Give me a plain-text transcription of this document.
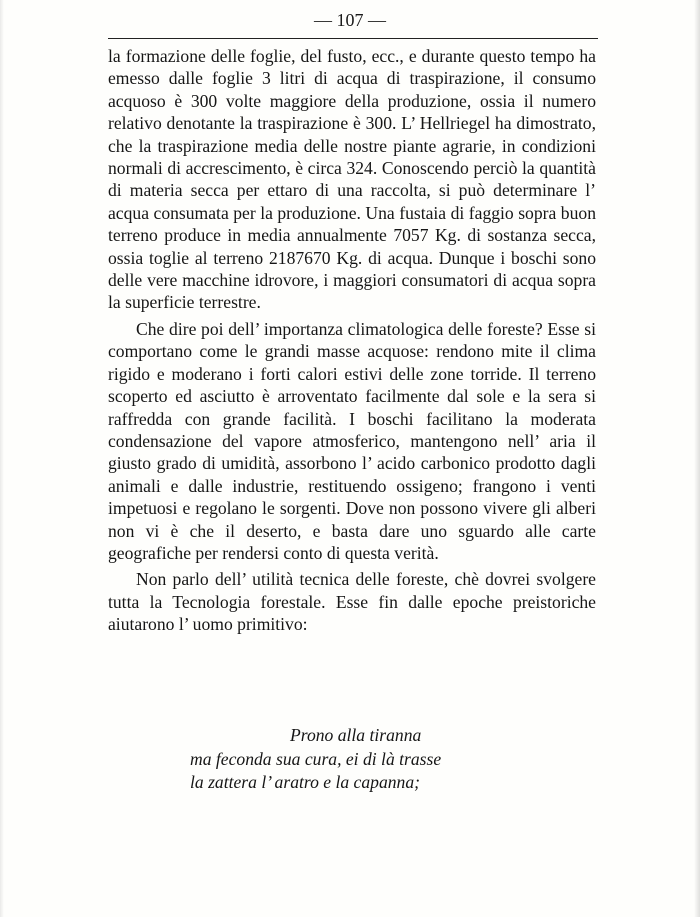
— 107 —

la formazione delle foglie, del fusto, ecc., e durante questo tempo ha emesso dalle foglie 3 litri di acqua di traspirazione, il consumo acquoso è 300 volte maggiore della produzione, ossia il numero relativo denotante la traspirazione è 300. L’ Hellriegel ha dimostrato, che la traspirazione media delle nostre piante agrarie, in condizioni normali di accrescimento, è circa 324. Conoscendo perciò la quantità di materia secca per ettaro di una raccolta, si può determinare l’ acqua consumata per la produzione. Una fustaia di faggio sopra buon terreno produce in media annualmente 7057 Kg. di sostanza secca, ossia toglie al terreno 2187670 Kg. di acqua. Dunque i boschi sono delle vere macchine idrovore, i maggiori consumatori di acqua sopra la superficie terrestre.

Che dire poi dell’ importanza climatologica delle foreste? Esse si comportano come le grandi masse acquose: rendono mite il clima rigido e moderano i forti calori estivi delle zone torride. Il terreno scoperto ed asciutto è arroventato facilmente dal sole e la sera si raffredda con grande facilità. I boschi facilitano la moderata condensazione del vapore atmosferico, mantengono nell’ aria il giusto grado di umidità, assorbono l’ acido carbonico prodotto dagli animali e dalle industrie, restituendo ossigeno; frangono i venti impetuosi e regolano le sorgenti. Dove non possono vivere gli alberi non vi è che il deserto, e basta dare uno sguardo alle carte geografiche per rendersi conto di questa verità.

Non parlo dell’ utilità tecnica delle foreste, chè dovrei svolgere tutta la Tecnologia forestale. Esse fin dalle epoche preistoriche aiutarono l’ uomo primitivo:

Prono alla tiranna
ma feconda sua cura, ei di là trasse
la zattera l’ aratro e la capanna;
